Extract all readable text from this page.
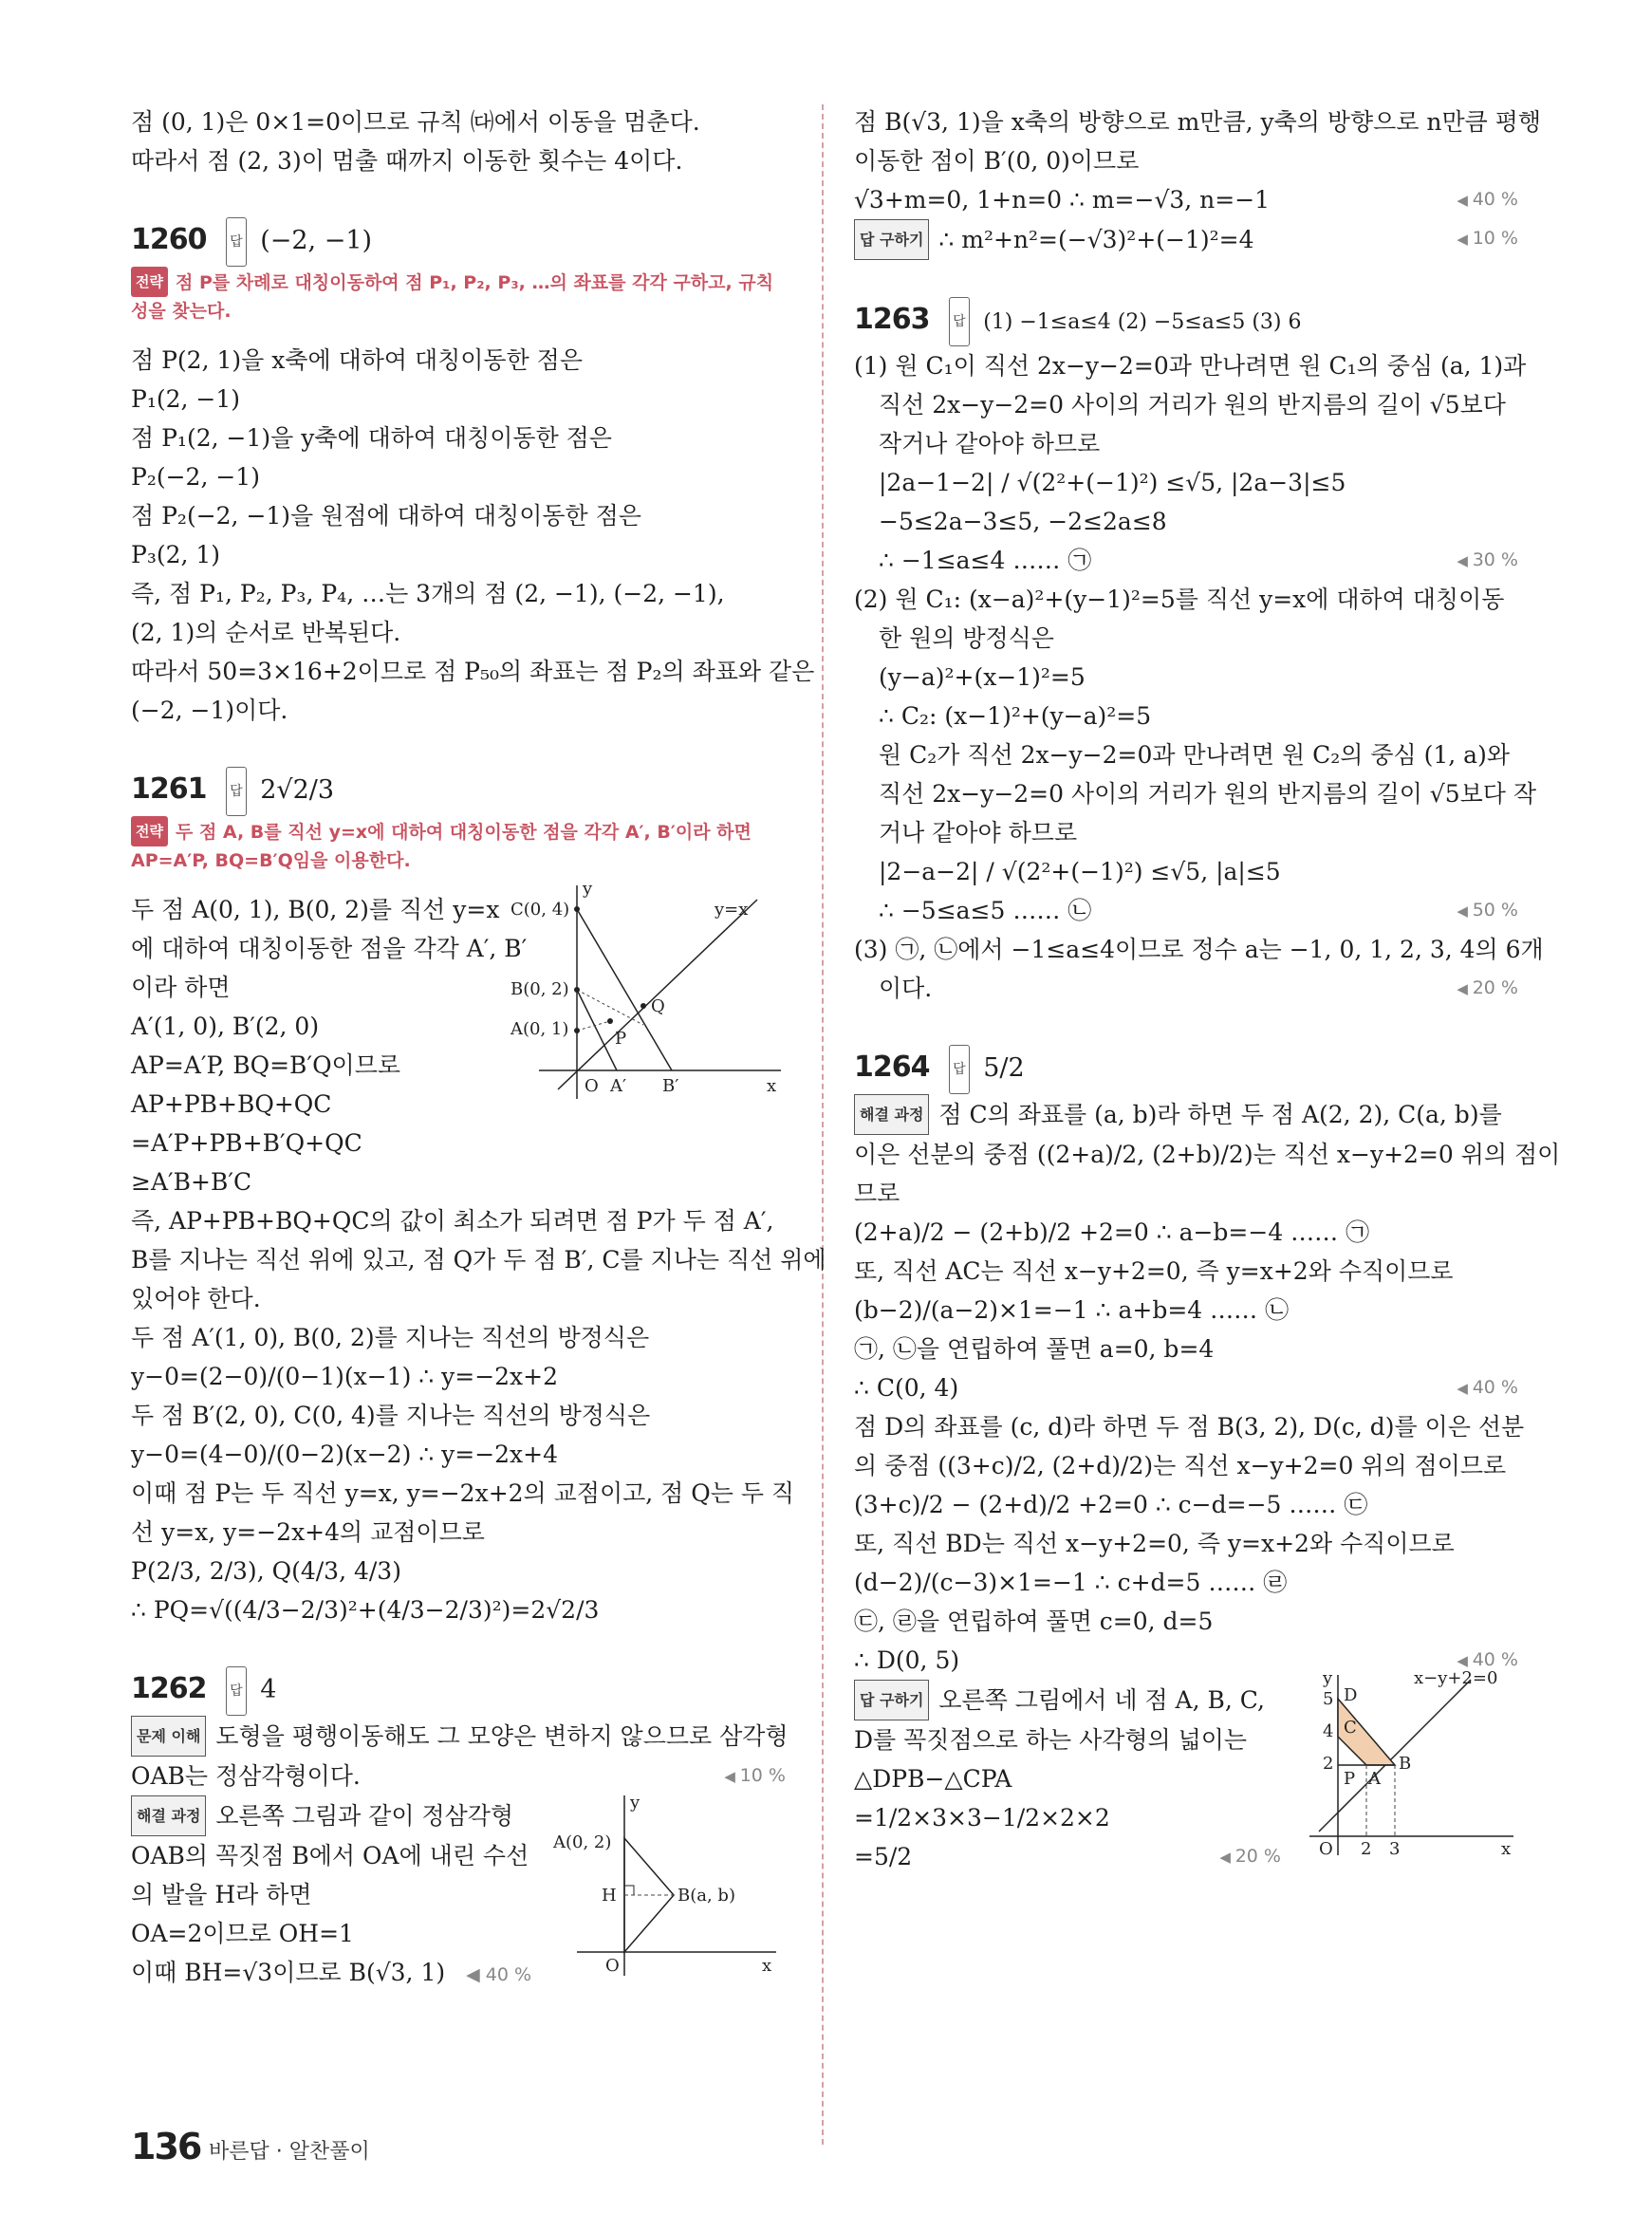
점 (0, 1)은 0×1=0이므로 규칙 ㈐에서 이동을 멈춘다.
따라서 점 (2, 3)이 멈출 때까지 이동한 횟수는 4이다.
1260 답 (−2, −1)
전략 점 P를 차례로 대칭이동하여 점 P₁, P₂, P₃, …의 좌표를 각각 구하고, 규칙
성을 찾는다.
점 P(2, 1)을 x축에 대하여 대칭이동한 점은
P₁(2, −1)
점 P₁(2, −1)을 y축에 대하여 대칭이동한 점은
P₂(−2, −1)
점 P₂(−2, −1)을 원점에 대하여 대칭이동한 점은
P₃(2, 1)
즉, 점 P₁, P₂, P₃, P₄, …는 3개의 점 (2, −1), (−2, −1),
(2, 1)의 순서로 반복된다.
따라서 50=3×16+2이므로 점 P₅₀의 좌표는 점 P₂의 좌표와 같은
(−2, −1)이다.
1261 답 2√2/3
전략 두 점 A, B를 직선 y=x에 대하여 대칭이동한 점을 각각 A′, B′이라 하면
AP=A′P, BQ=B′Q임을 이용한다.
두 점 A(0, 1), B(0, 2)를 직선 y=x
에 대하여 대칭이동한 점을 각각 A′, B′
이라 하면
A′(1, 0), B′(2, 0)
AP=A′P, BQ=B′Q이므로
AP+PB+BQ+QC
=A′P+PB+B′Q+QC
≥A′B+B′C
y
C(0, 4)	y=x
B(0, 2)
A(0, 1)
Q
P
O A′ B′	x
즉, AP+PB+BQ+QC의 값이 최소가 되려면 점 P가 두 점 A′,
B를 지나는 직선 위에 있고, 점 Q가 두 점 B′, C를 지나는 직선 위에
있어야 한다.
두 점 A′(1, 0), B(0, 2)를 지나는 직선의 방정식은
y−0=(2−0)/(0−1)(x−1) ∴ y=−2x+2
두 점 B′(2, 0), C(0, 4)를 지나는 직선의 방정식은
y−0=(4−0)/(0−2)(x−2) ∴ y=−2x+4
이때 점 P는 두 직선 y=x, y=−2x+2의 교점이고, 점 Q는 두 직
선 y=x, y=−2x+4의 교점이므로
P(2/3, 2/3), Q(4/3, 4/3)
∴ PQ=√((4/3−2/3)²+(4/3−2/3)²)=2√2/3
1262 답 4
문제 이해 도형을 평행이동해도 그 모양은 변하지 않으므로 삼각형
OAB는 정삼각형이다.	◀ 10 %
해결 과정 오른쪽 그림과 같이 정삼각형
OAB의 꼭짓점 B에서 OA에 내린 수선
의 발을 H라 하면
OA=2이므로 OH=1
이때 BH=√3이므로 B(√3, 1) ◀ 40 %
y
A(0, 2)
H	B(a, b)
O	x
점 B(√3, 1)을 x축의 방향으로 m만큼, y축의 방향으로 n만큼 평행
이동한 점이 B′(0, 0)이므로
√3+m=0, 1+n=0 ∴ m=−√3, n=−1	◀ 40 %
답 구하기 ∴ m²+n²=(−√3)²+(−1)²=4	◀ 10 %
1263 답 (1) −1≤a≤4 (2) −5≤a≤5 (3) 6
(1) 원 C₁이 직선 2x−y−2=0과 만나려면 원 C₁의 중심 (a, 1)과
직선 2x−y−2=0 사이의 거리가 원의 반지름의 길이 √5보다
작거나 같아야 하므로
|2a−1−2| / √(2²+(−1)²) ≤√5, |2a−3|≤5
−5≤2a−3≤5, −2≤2a≤8
∴ −1≤a≤4 …… ㉠	◀ 30 %
(2) 원 C₁: (x−a)²+(y−1)²=5를 직선 y=x에 대하여 대칭이동
한 원의 방정식은
(y−a)²+(x−1)²=5
∴ C₂: (x−1)²+(y−a)²=5
원 C₂가 직선 2x−y−2=0과 만나려면 원 C₂의 중심 (1, a)와
직선 2x−y−2=0 사이의 거리가 원의 반지름의 길이 √5보다 작
거나 같아야 하므로
|2−a−2| / √(2²+(−1)²) ≤√5, |a|≤5
∴ −5≤a≤5 …… ㉡	◀ 50 %
(3) ㉠, ㉡에서 −1≤a≤4이므로 정수 a는 −1, 0, 1, 2, 3, 4의 6개
이다.	◀ 20 %
1264 답 5/2
해결 과정 점 C의 좌표를 (a, b)라 하면 두 점 A(2, 2), C(a, b)를
이은 선분의 중점 ((2+a)/2, (2+b)/2)는 직선 x−y+2=0 위의 점이
므로
(2+a)/2 − (2+b)/2 +2=0 ∴ a−b=−4 …… ㉠
또, 직선 AC는 직선 x−y+2=0, 즉 y=x+2와 수직이므로
(b−2)/(a−2)×1=−1 ∴ a+b=4 …… ㉡
㉠, ㉡을 연립하여 풀면 a=0, b=4
∴ C(0, 4)	◀ 40 %
점 D의 좌표를 (c, d)라 하면 두 점 B(3, 2), D(c, d)를 이은 선분
의 중점 ((3+c)/2, (2+d)/2)는 직선 x−y+2=0 위의 점이므로
(3+c)/2 − (2+d)/2 +2=0 ∴ c−d=−5 …… ㉢
또, 직선 BD는 직선 x−y+2=0, 즉 y=x+2와 수직이므로
(d−2)/(c−3)×1=−1 ∴ c+d=5 …… ㉣
㉢, ㉣을 연립하여 풀면 c=0, d=5
∴ D(0, 5)	◀ 40 %
답 구하기 오른쪽 그림에서 네 점 A, B, C,
D를 꼭짓점으로 하는 사각형의 넓이는
△DPB−△CPA
=1/2×3×3−1/2×2×2
=5/2	◀ 20 %
y	x−y+2=0
5 D
4 C
2
P A
B
O 2 3	x
136 바른답 · 알찬풀이
